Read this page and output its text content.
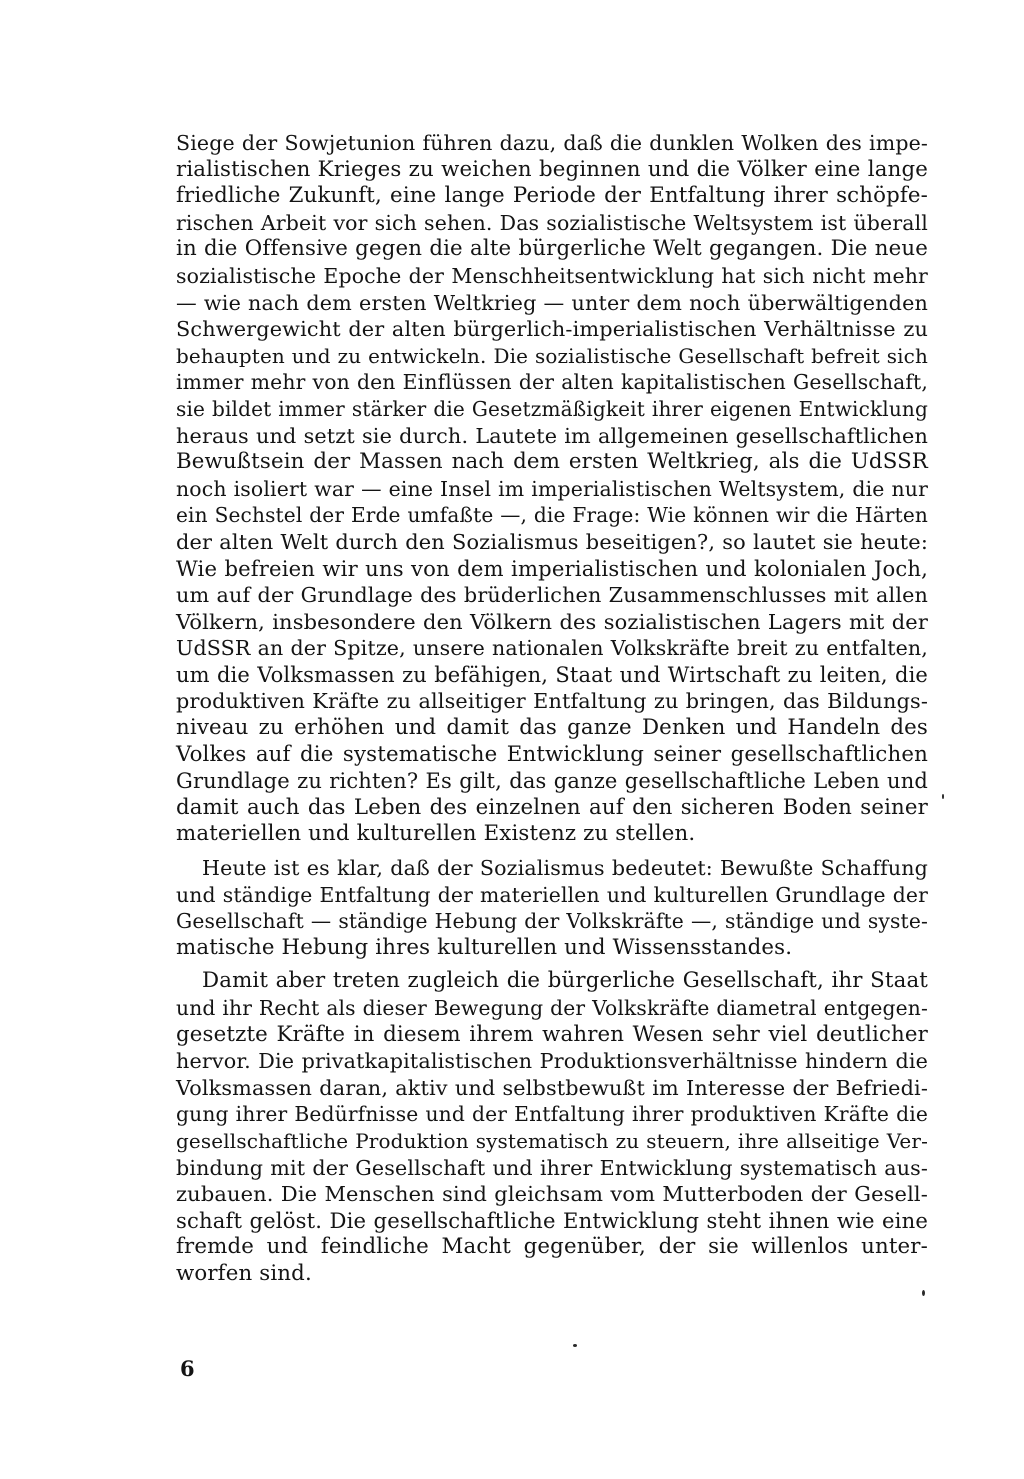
Siege der Sowjetunion führen dazu, daß die dunklen Wolken des impe-
rialistischen Krieges zu weichen beginnen und die Völker eine lange
friedliche Zukunft, eine lange Periode der Entfaltung ihrer schöpfe-
rischen Arbeit vor sich sehen. Das sozialistische Weltsystem ist überall
in die Offensive gegen die alte bürgerliche Welt gegangen. Die neue
sozialistische Epoche der Menschheitsentwicklung hat sich nicht mehr
— wie nach dem ersten Weltkrieg — unter dem noch überwältigenden
Schwergewicht der alten bürgerlich-imperialistischen Verhältnisse zu
behaupten und zu entwickeln. Die sozialistische Gesellschaft befreit sich
immer mehr von den Einflüssen der alten kapitalistischen Gesellschaft,
sie bildet immer stärker die Gesetzmäßigkeit ihrer eigenen Entwicklung
heraus und setzt sie durch. Lautete im allgemeinen gesellschaftlichen
Bewußtsein der Massen nach dem ersten Weltkrieg, als die UdSSR
noch isoliert war — eine Insel im imperialistischen Weltsystem, die nur
ein Sechstel der Erde umfaßte —, die Frage: Wie können wir die Härten
der alten Welt durch den Sozialismus beseitigen?, so lautet sie heute:
Wie befreien wir uns von dem imperialistischen und kolonialen Joch,
um auf der Grundlage des brüderlichen Zusammenschlusses mit allen
Völkern, insbesondere den Völkern des sozialistischen Lagers mit der
UdSSR an der Spitze, unsere nationalen Volkskräfte breit zu entfalten,
um die Volksmassen zu befähigen, Staat und Wirtschaft zu leiten, die
produktiven Kräfte zu allseitiger Entfaltung zu bringen, das Bildungs-
niveau zu erhöhen und damit das ganze Denken und Handeln des
Volkes auf die systematische Entwicklung seiner gesellschaftlichen
Grundlage zu richten? Es gilt, das ganze gesellschaftliche Leben und
damit auch das Leben des einzelnen auf den sicheren Boden seiner
materiellen und kulturellen Existenz zu stellen.
Heute ist es klar, daß der Sozialismus bedeutet: Bewußte Schaffung
und ständige Entfaltung der materiellen und kulturellen Grundlage der
Gesellschaft — ständige Hebung der Volkskräfte —, ständige und syste-
matische Hebung ihres kulturellen und Wissensstandes.
Damit aber treten zugleich die bürgerliche Gesellschaft, ihr Staat
und ihr Recht als dieser Bewegung der Volkskräfte diametral entgegen-
gesetzte Kräfte in diesem ihrem wahren Wesen sehr viel deutlicher
hervor. Die privatkapitalistischen Produktionsverhältnisse hindern die
Volksmassen daran, aktiv und selbstbewußt im Interesse der Befriedi-
gung ihrer Bedürfnisse und der Entfaltung ihrer produktiven Kräfte die
gesellschaftliche Produktion systematisch zu steuern, ihre allseitige Ver-
bindung mit der Gesellschaft und ihrer Entwicklung systematisch aus-
zubauen. Die Menschen sind gleichsam vom Mutterboden der Gesell-
schaft gelöst. Die gesellschaftliche Entwicklung steht ihnen wie eine
fremde und feindliche Macht gegenüber, der sie willenlos unter-
worfen sind.
6
